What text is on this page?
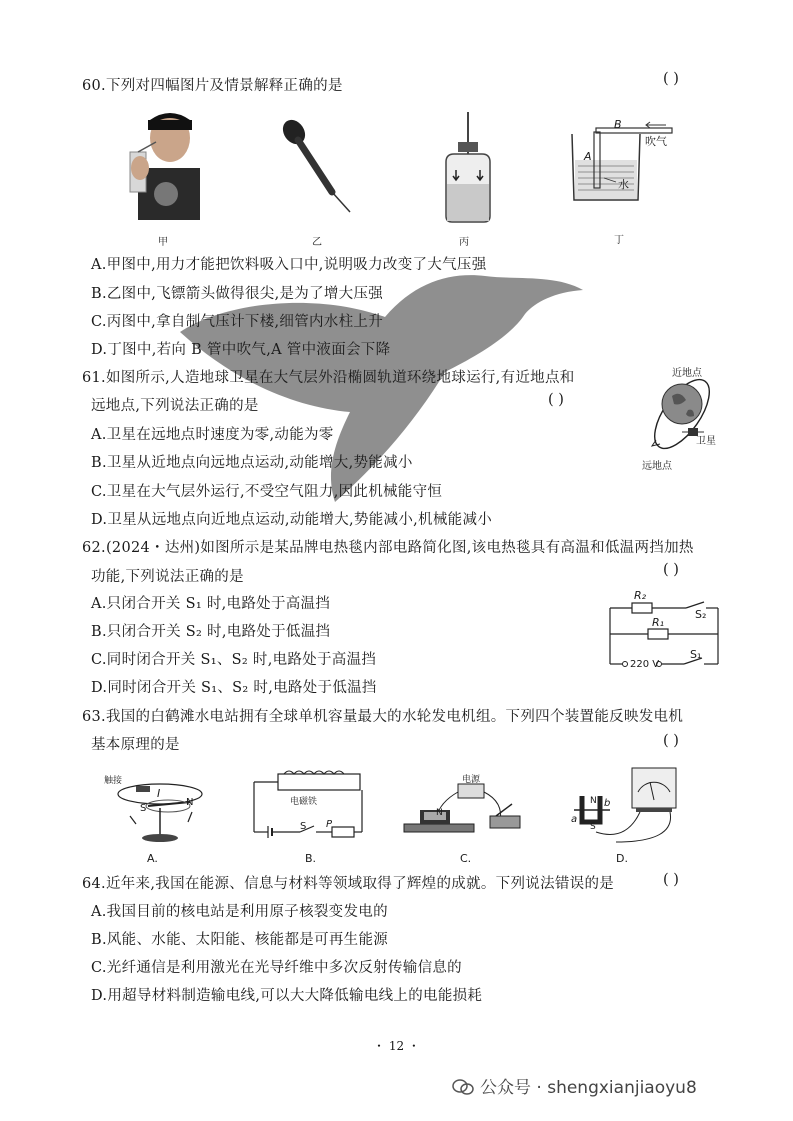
60.下列对四幅图片及情景解释正确的是	( )
甲	乙	丙
B
吹气
A
水
丁
A.甲图中,用力才能把饮料吸入口中,说明吸力改变了大气压强
B.乙图中,飞镖箭头做得很尖,是为了增大压强
C.丙图中,拿自制气压计下楼,细管内水柱上升
D.丁图中,若向 B 管中吹气,A 管中液面会下降
61.如图所示,人造地球卫星在大气层外沿椭圆轨道环绕地球运行,有近地点和
远地点,下列说法正确的是	( )
近地点
卫星
远地点
A.卫星在远地点时速度为零,动能为零
B.卫星从近地点向远地点运动,动能增大,势能减小
C.卫星在大气层外运行,不受空气阻力,因此机械能守恒
D.卫星从远地点向近地点运动,动能增大,势能减小,机械能减小
62.(2024・达州)如图所示是某品牌电热毯内部电路简化图,该电热毯具有高温和低温两挡加热
功能,下列说法正确的是	( )
R₂
S₂
R₁
220 V
S₁
A.只闭合开关 S₁ 时,电路处于高温挡
B.只闭合开关 S₂ 时,电路处于低温挡
C.同时闭合开关 S₁、S₂ 时,电路处于高温挡
D.同时闭合开关 S₁、S₂ 时,电路处于低温挡
63.我国的白鹤滩水电站拥有全球单机容量最大的水轮发电机组。下列四个装置能反映发电机
基本原理的是	( )
触接
I
S
N
A.
电磁铁
S P
B.
电源
N
C.
N b
a
S
D.
64.近年来,我国在能源、信息与材料等领域取得了辉煌的成就。下列说法错误的是	( )
A.我国目前的核电站是利用原子核裂变发电的
B.风能、水能、太阳能、核能都是可再生能源
C.光纤通信是利用激光在光导纤维中多次反射传输信息的
D.用超导材料制造输电线,可以大大降低输电线上的电能损耗
・ 12 ・
公众号 · shengxianjiaoyu8
